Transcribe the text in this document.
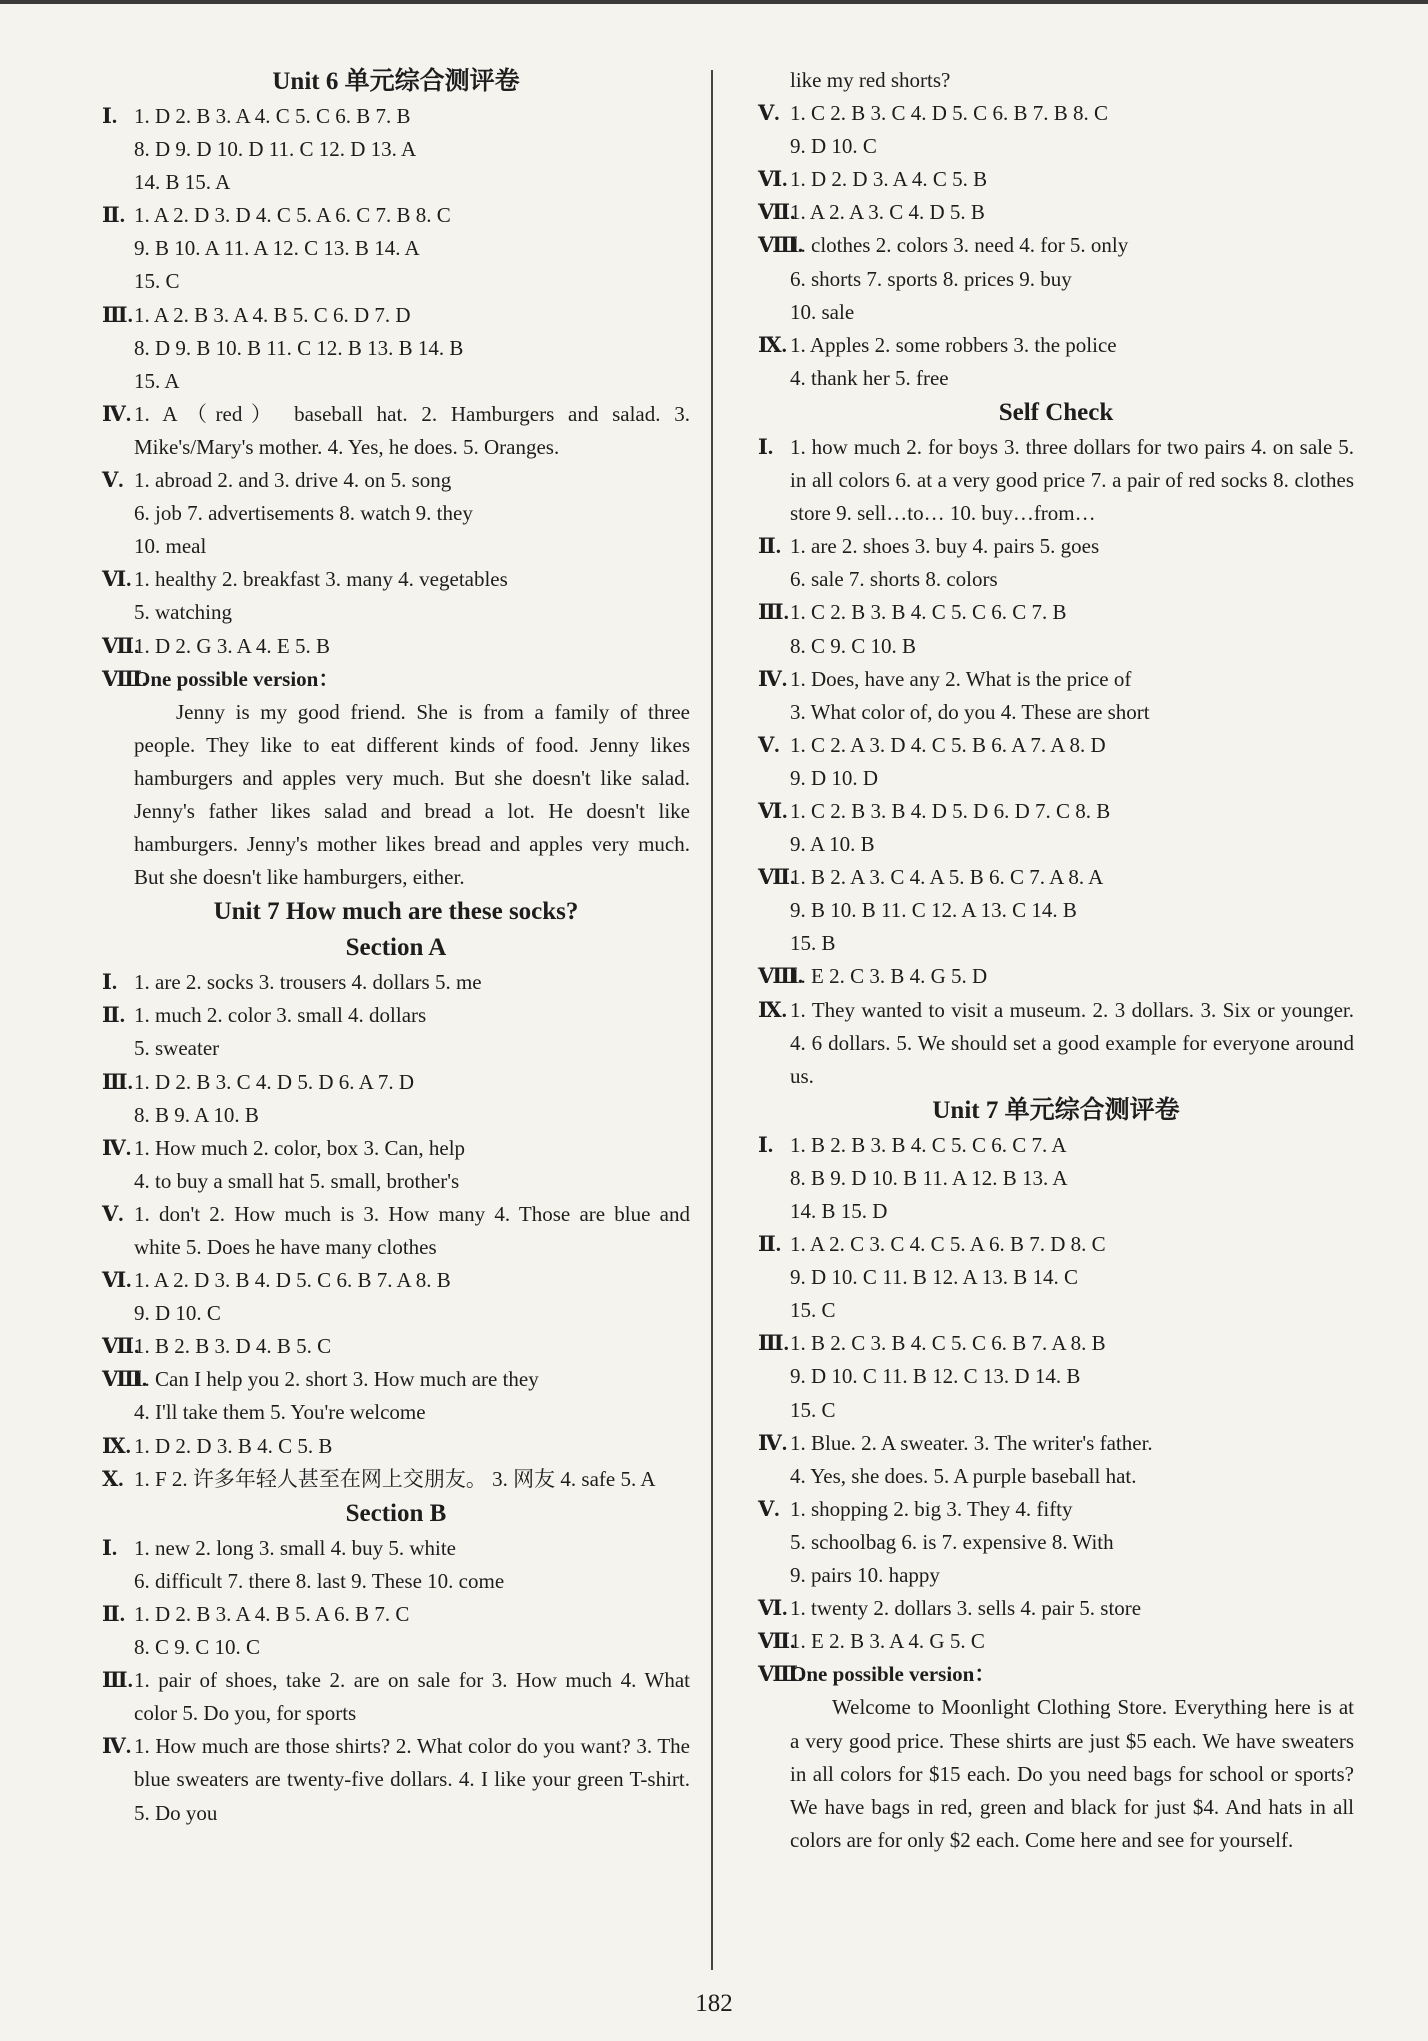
Unit 6 单元综合测评卷
Ⅰ. 1. D 2. B 3. A 4. C 5. C 6. B 7. B
8. D 9. D 10. D 11. C 12. D 13. A
14. B 15. A
Ⅱ. 1. A 2. D 3. D 4. C 5. A 6. C 7. B 8. C
9. B 10. A 11. A 12. C 13. B 14. A
15. C
Ⅲ. 1. A 2. B 3. A 4. B 5. C 6. D 7. D
8. D 9. B 10. B 11. C 12. B 13. B 14. B
15. A
Ⅳ. 1. A（red） baseball hat. 2. Hamburgers and salad. 3. Mike's/Mary's mother. 4. Yes, he does. 5. Oranges.
Ⅴ. 1. abroad 2. and 3. drive 4. on 5. song
6. job 7. advertisements 8. watch 9. they
10. meal
Ⅵ. 1. healthy 2. breakfast 3. many 4. vegetables
5. watching
Ⅶ.
1. D 2. G 3. A 4. E 5. B
Ⅷ.
One possible version：
Jenny is my good friend. She is from a family of three people. They like to eat different kinds of food. Jenny likes hamburgers and apples very much. But she doesn't like salad. Jenny's father likes salad and bread a lot. He doesn't like hamburgers. Jenny's mother likes bread and apples very much. But she doesn't like hamburgers, either.
Unit 7 How much are these socks?
Section A
Ⅰ. 1. are 2. socks 3. trousers 4. dollars 5. me
Ⅱ. 1. much 2. color 3. small 4. dollars
5. sweater
Ⅲ. 1. D 2. B 3. C 4. D 5. D 6. A 7. D
8. B 9. A 10. B
Ⅳ. 1. How much 2. color, box 3. Can, help
4. to buy a small hat 5. small, brother's
Ⅴ. 1. don't 2. How much is 3. How many 4. Those are blue and white 5. Does he have many clothes
Ⅵ. 1. A 2. D 3. B 4. D 5. C 6. B 7. A 8. B
9. D 10. C
Ⅶ.
1. B 2. B 3. D 4. B 5. C
Ⅷ.
1. Can I help you 2. short 3. How much are they
4. I'll take them 5. You're welcome
Ⅸ. 1. D 2. D 3. B 4. C 5. B
Ⅹ. 1. F 2. 许多年轻人甚至在网上交朋友。 3. 网友 4. safe 5. A
Section B
Ⅰ. 1. new 2. long 3. small 4. buy 5. white
6. difficult 7. there 8. last 9. These 10. come
Ⅱ. 1. D 2. B 3. A 4. B 5. A 6. B 7. C
8. C 9. C 10. C
Ⅲ. 1. pair of shoes, take 2. are on sale for 3. How much 4. What color 5. Do you, for sports
Ⅳ. 1. How much are those shirts? 2. What color do you want? 3. The blue sweaters are twenty-five dollars. 4. I like your green T-shirt. 5. Do you
like my red shorts?
Ⅴ. 1. C 2. B 3. C 4. D 5. C 6. B 7. B 8. C
9. D 10. C
Ⅵ. 1. D 2. D 3. A 4. C 5. B
Ⅶ.
1. A 2. A 3. C 4. D 5. B
Ⅷ.
1. clothes 2. colors 3. need 4. for 5. only
6. shorts 7. sports 8. prices 9. buy
10. sale
Ⅸ. 1. Apples 2. some robbers 3. the police
4. thank her 5. free
Self Check
Ⅰ. 1. how much 2. for boys 3. three dollars for two pairs 4. on sale 5. in all colors 6. at a very good price 7. a pair of red socks 8. clothes store 9. sell…to… 10. buy…from…
Ⅱ. 1. are 2. shoes 3. buy 4. pairs 5. goes
6. sale 7. shorts 8. colors
Ⅲ. 1. C 2. B 3. B 4. C 5. C 6. C 7. B
8. C 9. C 10. B
Ⅳ. 1. Does, have any 2. What is the price of
3. What color of, do you 4. These are short
Ⅴ. 1. C 2. A 3. D 4. C 5. B 6. A 7. A 8. D
9. D 10. D
Ⅵ. 1. C 2. B 3. B 4. D 5. D 6. D 7. C 8. B
9. A 10. B
Ⅶ.
1. B 2. A 3. C 4. A 5. B 6. C 7. A 8. A
9. B 10. B 11. C 12. A 13. C 14. B
15. B
Ⅷ.
1. E 2. C 3. B 4. G 5. D
Ⅸ. 1. They wanted to visit a museum. 2. 3 dollars. 3. Six or younger. 4. 6 dollars. 5. We should set a good example for everyone around us.
Unit 7 单元综合测评卷
Ⅰ. 1. B 2. B 3. B 4. C 5. C 6. C 7. A
8. B 9. D 10. B 11. A 12. B 13. A
14. B 15. D
Ⅱ. 1. A 2. C 3. C 4. C 5. A 6. B 7. D 8. C
9. D 10. C 11. B 12. A 13. B 14. C
15. C
Ⅲ. 1. B 2. C 3. B 4. C 5. C 6. B 7. A 8. B
9. D 10. C 11. B 12. C 13. D 14. B
15. C
Ⅳ. 1. Blue. 2. A sweater. 3. The writer's father.
4. Yes, she does. 5. A purple baseball hat.
Ⅴ. 1. shopping 2. big 3. They 4. fifty
5. schoolbag 6. is 7. expensive 8. With
9. pairs 10. happy
Ⅵ. 1. twenty 2. dollars 3. sells 4. pair 5. store
Ⅶ.
1. E 2. B 3. A 4. G 5. C
Ⅷ.
One possible version：
Welcome to Moonlight Clothing Store. Everything here is at a very good price. These shirts are just $5 each. We have sweaters in all colors for $15 each. Do you need bags for school or sports? We have bags in red, green and black for just $4. And hats in all colors are for only $2 each. Come here and see for yourself.
182
